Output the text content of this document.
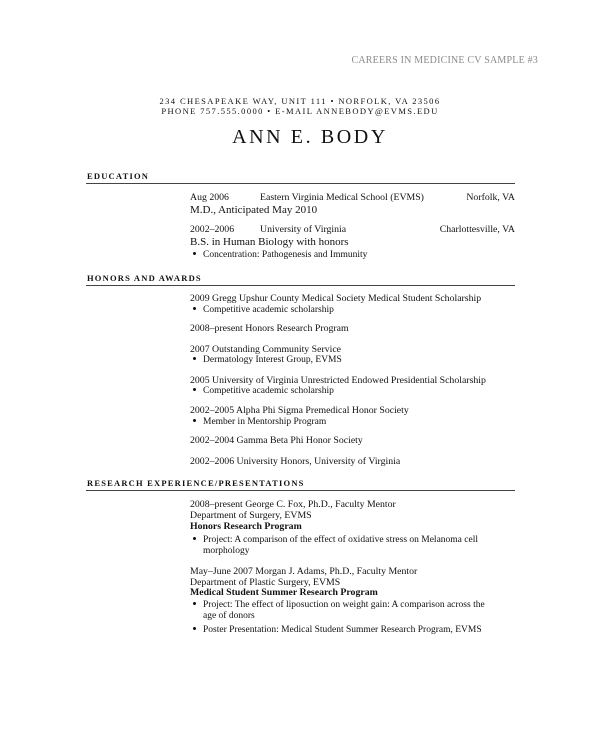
CAREERS IN MEDICINE CV SAMPLE #3
234 CHESAPEAKE WAY, UNIT 111 • NORFOLK, VA 23506
PHONE 757.555.0000 • E-MAIL ANNEBODY@EVMS.EDU
ANN E. BODY
EDUCATION
Aug 2006	Eastern Virginia Medical School (EVMS)	Norfolk, VA
M.D., Anticipated May 2010
2002–2006	University of Virginia	Charlottesville, VA
B.S. in Human Biology with honors
Concentration: Pathogenesis and Immunity
HONORS AND AWARDS
2009 Gregg Upshur County Medical Society Medical Student Scholarship
Competitive academic scholarship
2008–present Honors Research Program
2007 Outstanding Community Service
Dermatology Interest Group, EVMS
2005 University of Virginia Unrestricted Endowed Presidential Scholarship
Competitive academic scholarship
2002–2005 Alpha Phi Sigma Premedical Honor Society
Member in Mentorship Program
2002–2004 Gamma Beta Phi Honor Society
2002–2006 University Honors, University of Virginia
RESEARCH EXPERIENCE/PRESENTATIONS
2008–present George C. Fox, Ph.D., Faculty Mentor
Department of Surgery, EVMS
Honors Research Program
Project: A comparison of the effect of oxidative stress on Melanoma cell
morphology
May–June 2007 Morgan J. Adams, Ph.D., Faculty Mentor
Department of Plastic Surgery, EVMS
Medical Student Summer Research Program
Project: The effect of liposuction on weight gain: A comparison across the
age of donors
Poster Presentation: Medical Student Summer Research Program, EVMS
